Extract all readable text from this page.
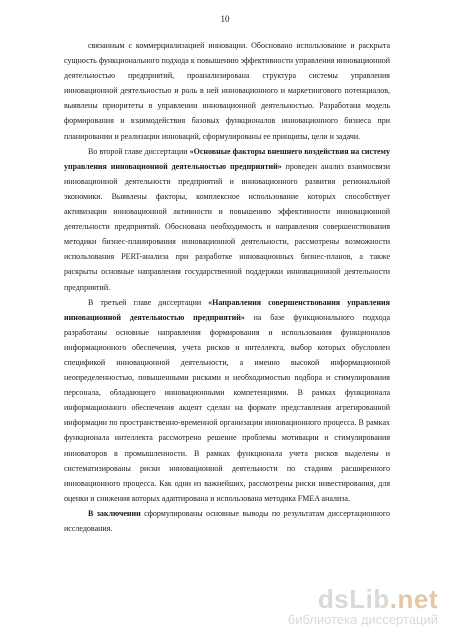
10

связанным с коммерциализацией инновации. Обосновано использование и раскрыта сущность функционального подхода к повышению эффективности управления инновационной деятельностью предприятий, проанализирована структура системы управления инновационной деятельностью и роль в ней инновационного и маркетингового потенциалов, выявлены приоритеты в управлении инновационной деятельностью. Разработана модель формирования и взаимодействия базовых функционалов инновационного бизнеса при планировании и реализации инноваций, сформулированы ее принципы, цели и задачи.

Во второй главе диссертации «Основные факторы внешнего воздействия на систему управления инновационной деятельностью предприятий» проведен анализ взаимосвязи инновационной деятельности предприятий и инновационного развития региональной экономики. Выявлены факторы, комплексное использование которых способствует активизации инновационной активности и повышению эффективности инновационной деятельности предприятий. Обоснована необходимость и направления совершенствования методики бизнес-планирования инновационной деятельности, рассмотрены возможности использования PERT-анализа при разработке инновационных бизнес-планов, а также раскрыты основные направления государственной поддержки инновационной деятельности предприятий.

В третьей главе диссертации «Направления совершенствования управления инновационной деятельностью предприятий» на базе функционального подхода разработаны основные направления формирования и использования функционалов информационного обеспечения, учета рисков и интеллекта, выбор которых обусловлен спецификой инновационной деятельности, а именно высокой информационной неопределенностью, повышенными рисками и необходимостью подбора и стимулирования персонала, обладающего инновационными компетенциями. В рамках функционала информационного обеспечения акцент сделан на формате представления агрегированной информации по пространственно-временной организации инновационного процесса. В рамках функционала интеллекта рассмотрено решение проблемы мотивации и стимулирования инноваторов в промышленности. В рамках функционала учета рисков выделены и систематизированы риски инновационной деятельности по стадиям расширенного инновационного процесса. Как одни из важнейших, рассмотрены риски инвестирования, для оценки и снижения которых адаптирована и использована методика FMEA анализа.

В заключении сформулированы основные выводы по результатам диссертационного исследования.

dsLib.net
библиотека диссертаций
